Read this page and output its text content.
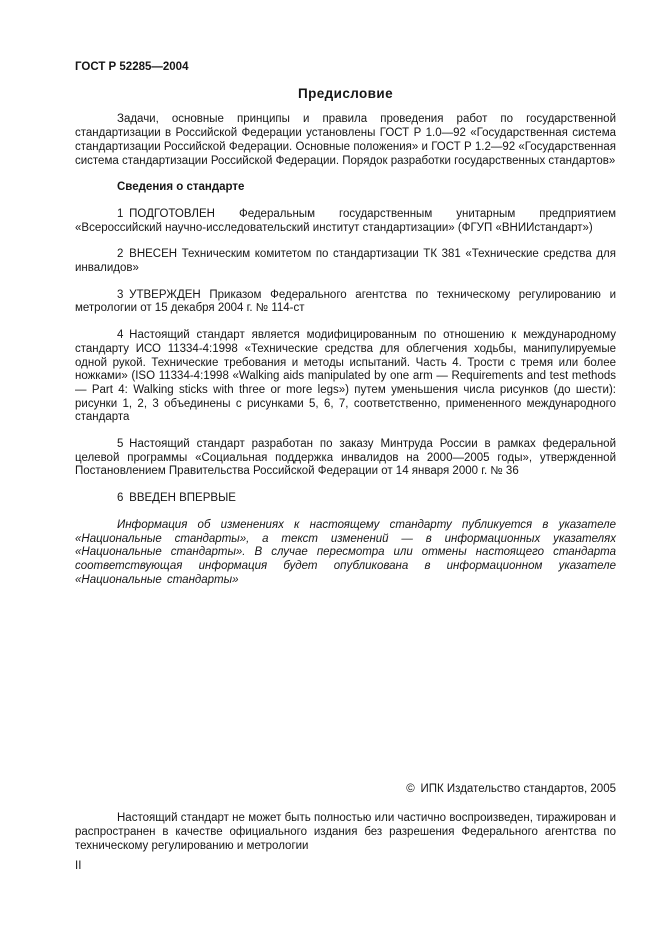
ГОСТ Р 52285—2004
Предисловие

Задачи, основные принципы и правила проведения работ по государственной стандартизации в Российской Федерации установлены ГОСТ Р 1.0—92 «Государственная система стандартизации Российской Федерации. Основные положения» и ГОСТ Р 1.2—92 «Государственная система стандартизации Российской Федерации. Порядок разработки государственных стандартов»

Сведения о стандарте

1 ПОДГОТОВЛЕН Федеральным государственным унитарным предприятием «Всероссийский научно-исследовательский институт стандартизации» (ФГУП «ВНИИстандарт»)

2 ВНЕСЕН Техническим комитетом по стандартизации ТК 381 «Технические средства для инвалидов»

3 УТВЕРЖДЕН Приказом Федерального агентства по техническому регулированию и метрологии от 15 декабря 2004 г. № 114-ст

4 Настоящий стандарт является модифицированным по отношению к международному стандарту ИСО 11334-4:1998 «Технические средства для облегчения ходьбы, манипулируемые одной рукой. Технические требования и методы испытаний. Часть 4. Трости с тремя или более ножками» (ISO 11334-4:1998 «Walking aids manipulated by one arm — Requirements and test methods — Part 4: Walking sticks with three or more legs») путем уменьшения числа рисунков (до шести): рисунки 1, 2, 3 объединены с рисунками 5, 6, 7, соответственно, примененного международного стандарта

5 Настоящий стандарт разработан по заказу Минтруда России в рамках федеральной целевой программы «Социальная поддержка инвалидов на 2000—2005 годы», утвержденной Постановлением Правительства Российской Федерации от 14 января 2000 г. № 36

6 ВВЕДЕН ВПЕРВЫЕ

Информация об изменениях к настоящему стандарту публикуется в указателе «Национальные стандарты», а текст изменений — в информационных указателях «Национальные стандарты». В случае пересмотра или отмены настоящего стандарта соответствующая информация будет опубликована в информационном указателе «Национальные стандарты»

© ИПК Издательство стандартов, 2005

Настоящий стандарт не может быть полностью или частично воспроизведен, тиражирован и распространен в качестве официального издания без разрешения Федерального агентства по техническому регулированию и метрологии

II
